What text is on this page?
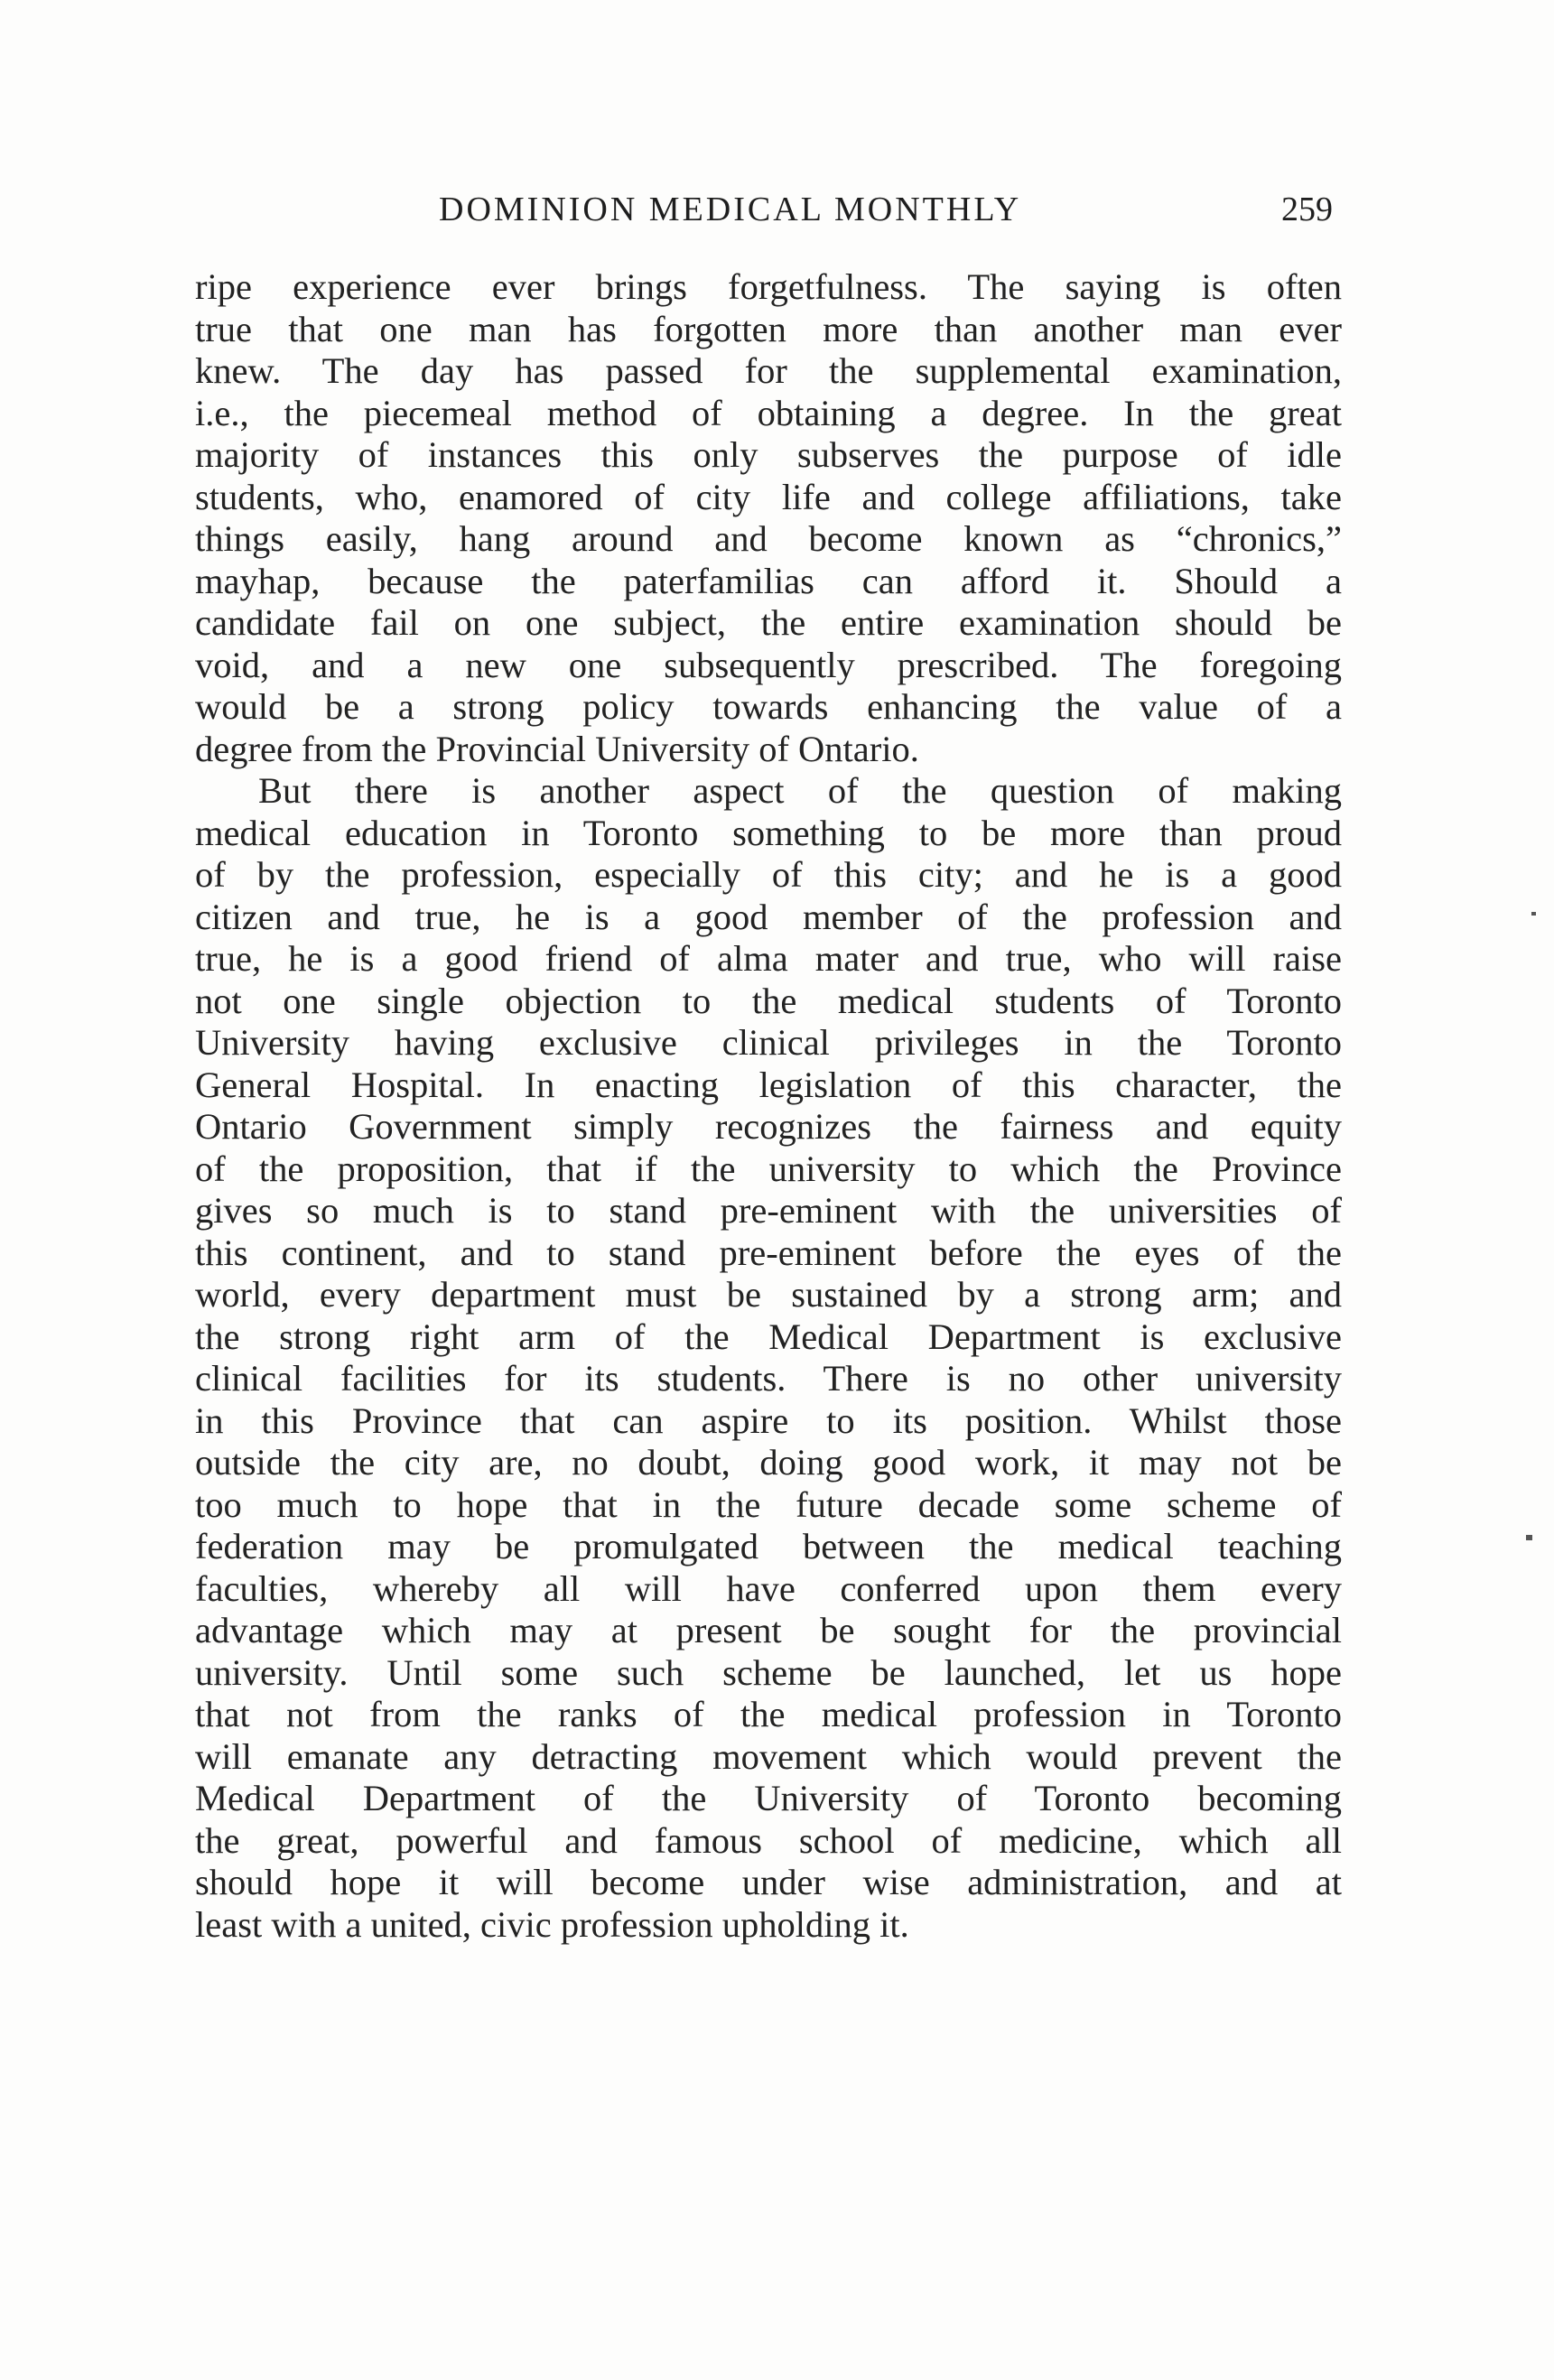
DOMINION MEDICAL MONTHLY	259
ripe experience ever brings forgetfulness. The saying is often
true that one man has forgotten more than another man ever
knew. The day has passed for the supplemental examination,
i.e., the piecemeal method of obtaining a degree. In the great
majority of instances this only subserves the purpose of idle
students, who, enamored of city life and college affiliations, take
things easily, hang around and become known as “chronics,”
mayhap, because the paterfamilias can afford it. Should a
candidate fail on one subject, the entire examination should be
void, and a new one subsequently prescribed. The foregoing
would be a strong policy towards enhancing the value of a
degree from the Provincial University of Ontario.
But there is another aspect of the question of making
medical education in Toronto something to be more than proud
of by the profession, especially of this city; and he is a good
citizen and true, he is a good member of the profession and
true, he is a good friend of alma mater and true, who will raise
not one single objection to the medical students of Toronto
University having exclusive clinical privileges in the Toronto
General Hospital. In enacting legislation of this character, the
Ontario Government simply recognizes the fairness and equity
of the proposition, that if the university to which the Province
gives so much is to stand pre-eminent with the universities of
this continent, and to stand pre-eminent before the eyes of the
world, every department must be sustained by a strong arm; and
the strong right arm of the Medical Department is exclusive
clinical facilities for its students. There is no other university
in this Province that can aspire to its position. Whilst those
outside the city are, no doubt, doing good work, it may not be
too much to hope that in the future decade some scheme of
federation may be promulgated between the medical teaching
faculties, whereby all will have conferred upon them every
advantage which may at present be sought for the provincial
university. Until some such scheme be launched, let us hope
that not from the ranks of the medical profession in Toronto
will emanate any detracting movement which would prevent the
Medical Department of the University of Toronto becoming
the great, powerful and famous school of medicine, which all
should hope it will become under wise administration, and at
least with a united, civic profession upholding it.
